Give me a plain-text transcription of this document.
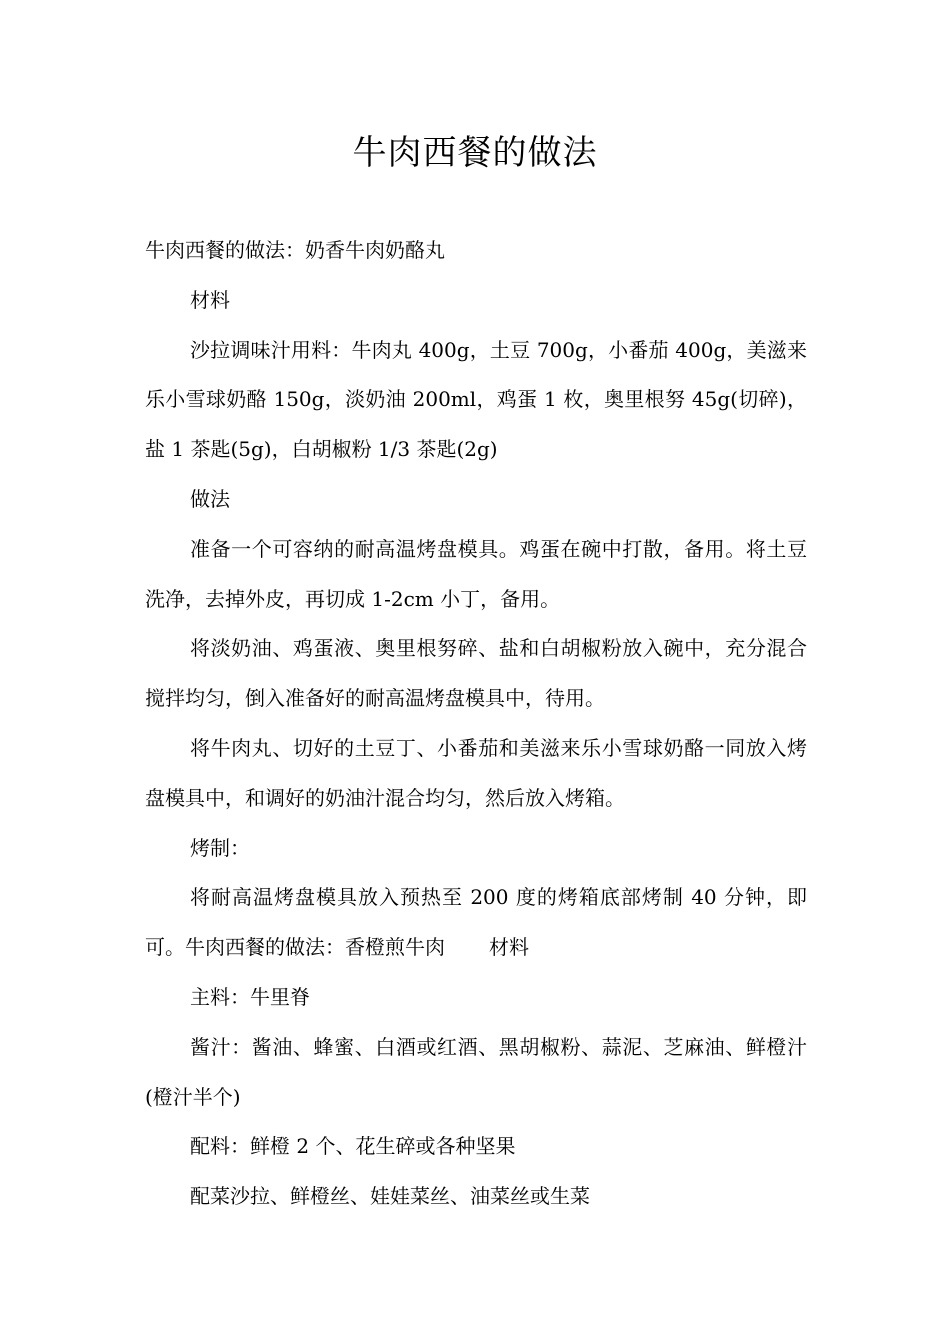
牛肉西餐的做法

牛肉西餐的做法：奶香牛肉奶酪丸

材料

沙拉调味汁用料：牛肉丸 400g，土豆 700g，小番茄 400g，美滋来乐小雪球奶酪 150g，淡奶油 200ml，鸡蛋 1 枚，奥里根努 45g(切碎)，盐 1 茶匙(5g)，白胡椒粉 1/3 茶匙(2g)

做法

准备一个可容纳的耐高温烤盘模具。鸡蛋在碗中打散，备用。将土豆洗净，去掉外皮，再切成 1-2cm 小丁，备用。

将淡奶油、鸡蛋液、奥里根努碎、盐和白胡椒粉放入碗中，充分混合搅拌均匀，倒入准备好的耐高温烤盘模具中，待用。

将牛肉丸、切好的土豆丁、小番茄和美滋来乐小雪球奶酪一同放入烤盘模具中，和调好的奶油汁混合均匀，然后放入烤箱。

烤制：

将耐高温烤盘模具放入预热至 200 度的烤箱底部烤制 40 分钟，即可。牛肉西餐的做法：香橙煎牛肉 材料

主料：牛里脊

酱汁：酱油、蜂蜜、白酒或红酒、黑胡椒粉、蒜泥、芝麻油、鲜橙汁(橙汁半个)

配料：鲜橙 2 个、花生碎或各种坚果

配菜沙拉、鲜橙丝、娃娃菜丝、油菜丝或生菜
